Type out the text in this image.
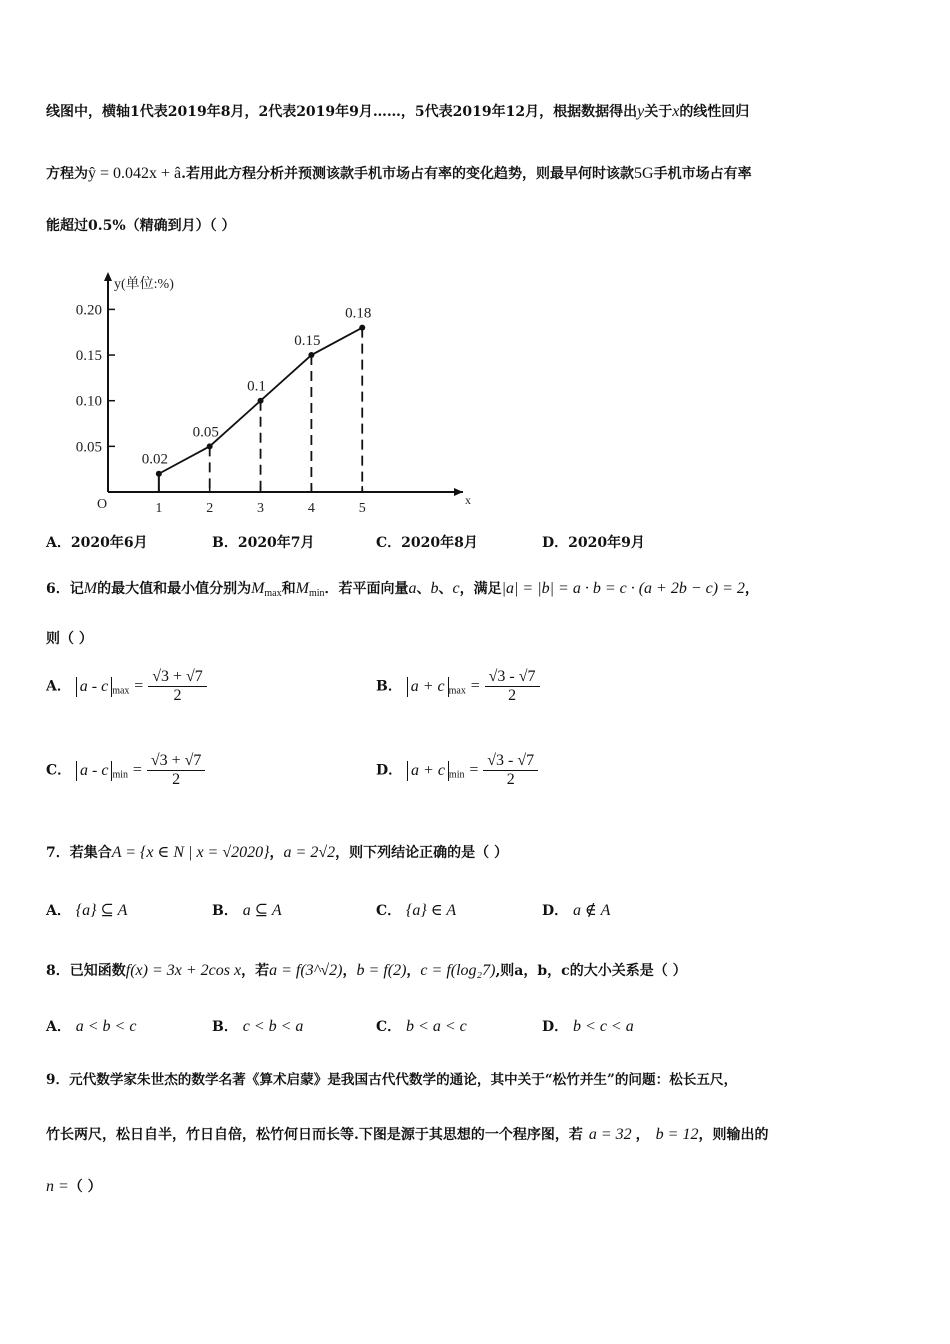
线图中，横轴1代表2019年8月，2代表2019年9月……，5代表2019年12月，根据数据得出y关于x的线性回归
方程为ŷ = 0.042x + â.若用此方程分析并预测该款手机市场占有率的变化趋势，则最早何时该款5G手机市场占有率
能超过0.5%（精确到月）（ ）
y(单位:%)
x
O
0.05
0.10
0.15
0.20
1	2	3	4	5
0.02
0.05
0.1
0.15
0.18
A．2020年6月	B．2020年7月	C．2020年8月	D．2020年9月
6．记M的最大值和最小值分别为$M_{max}$和$M_{min}$．若平面向量a、b、c，满足|a| = |b| = a · b = c · (a + 2b − c) = 2，
则（ ）
A． a - c $_{max} = \frac{√3 + √7}{2}$	B． a + c $_{max} = \frac{√3 - √7}{2}$
C． a - c $_{min} = \frac{√3 + √7}{2}$	D． a + c $_{min} = \frac{√3 - √7}{2}$
7．若集合A = {x ∈ N | x = √2020}，a = 2√2，则下列结论正确的是（ ）
A． {a} ⊆ A	B． a ⊆ A	C． {a} ∈ A	D． a ∉ A
8．已知函数f(x) = 3x + 2cos x，若a = f(3^√2)，b = f(2)，c = f(log₂7),则a，b，c的大小关系是（ ）
A． a < b < c	B． c < b < a	C． b < a < c	D． b < c < a
9．元代数学家朱世杰的数学名著《算术启蒙》是我国古代代数学的通论，其中关于“松竹并生”的问题：松长五尺，
竹长两尺，松日自半，竹日自倍，松竹何日而长等.下图是源于其思想的一个程序图，若 a = 32 ， b = 12，则输出的
n =（ ）
